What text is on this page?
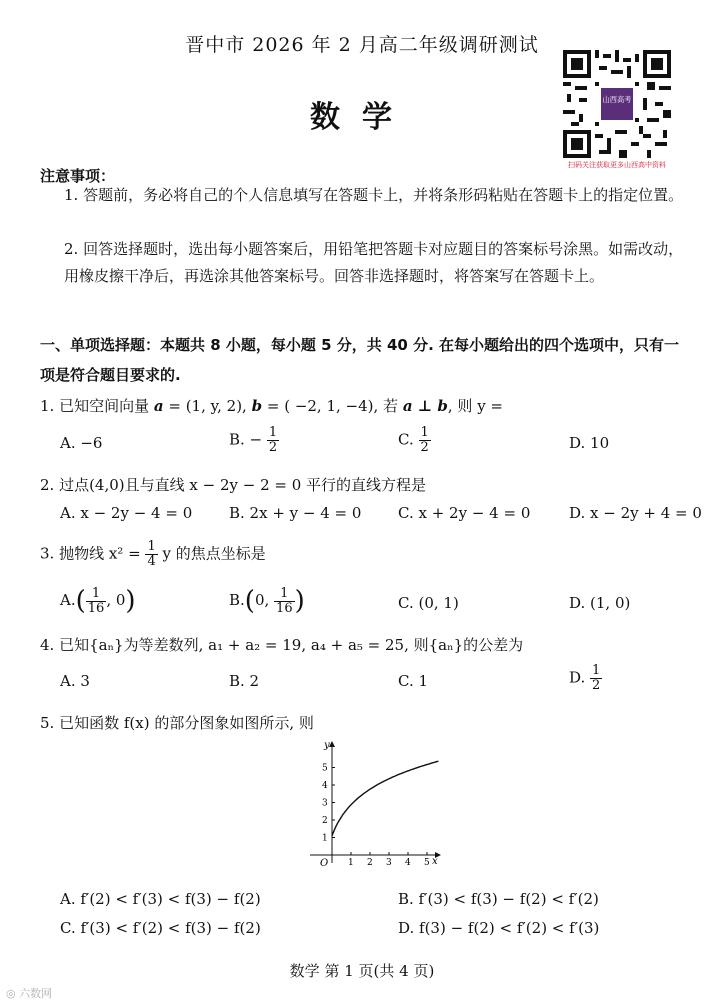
晋中市 2026 年 2 月高二年级调研测试
数学
山西高考
扫码关注获取更多山西高中资料
注意事项：
1. 答题前，务必将自己的个人信息填写在答题卡上，并将条形码粘贴在答题卡上的指定位置。
2. 回答选择题时，选出每小题答案后，用铅笔把答题卡对应题目的答案标号涂黑。如需改动，用橡皮擦干净后，再选涂其他答案标号。回答非选择题时，将答案写在答题卡上。
一、单项选择题：本题共 8 小题，每小题 5 分，共 40 分. 在每小题给出的四个选项中，只有一项是符合题目要求的.
1. 已知空间向量 a = (1, y, 2), b = ( −2, 1, −4), 若 a ⊥ b, 则 y =
A. −6	B. − $\frac{1}{2}$	C. $\frac{1}{2}$	D. 10
2. 过点(4,0)且与直线 x − 2y − 2 = 0 平行的直线方程是
A. x − 2y − 4 = 0 B. 2x + y − 4 = 0 C. x + 2y − 4 = 0	D. x − 2y + 4 = 0
3. 抛物线 $x^2 = \frac{1}{4}$ y 的焦点坐标是
$A.( \frac{1}{16}$ , 0)	B.(0, $\frac{1}{16}$ )	C. (0, 1)	D. (1, 0)
4. 已知{aₙ}为等差数列, a₁ + a₂ = 19, a₄ + a₅ = 25, 则{aₙ}的公差为
A. 3	B. 2	C. 1	D. $\frac{1}{2}$
5. 已知函数 f(x) 的部分图象如图所示, 则
y
x
O 1 2 3 4 5
1
2
3
4
5
A. f′(2) < f′(3) < f(3) − f(2)	B. f′(3) < f(3) − f(2) < f′(2)
C. f′(3) < f′(2) < f(3) − f(2)	D. f(3) − f(2) < f′(2) < f′(3)
数学 第 1 页(共 4 页)
◎ 六数网
